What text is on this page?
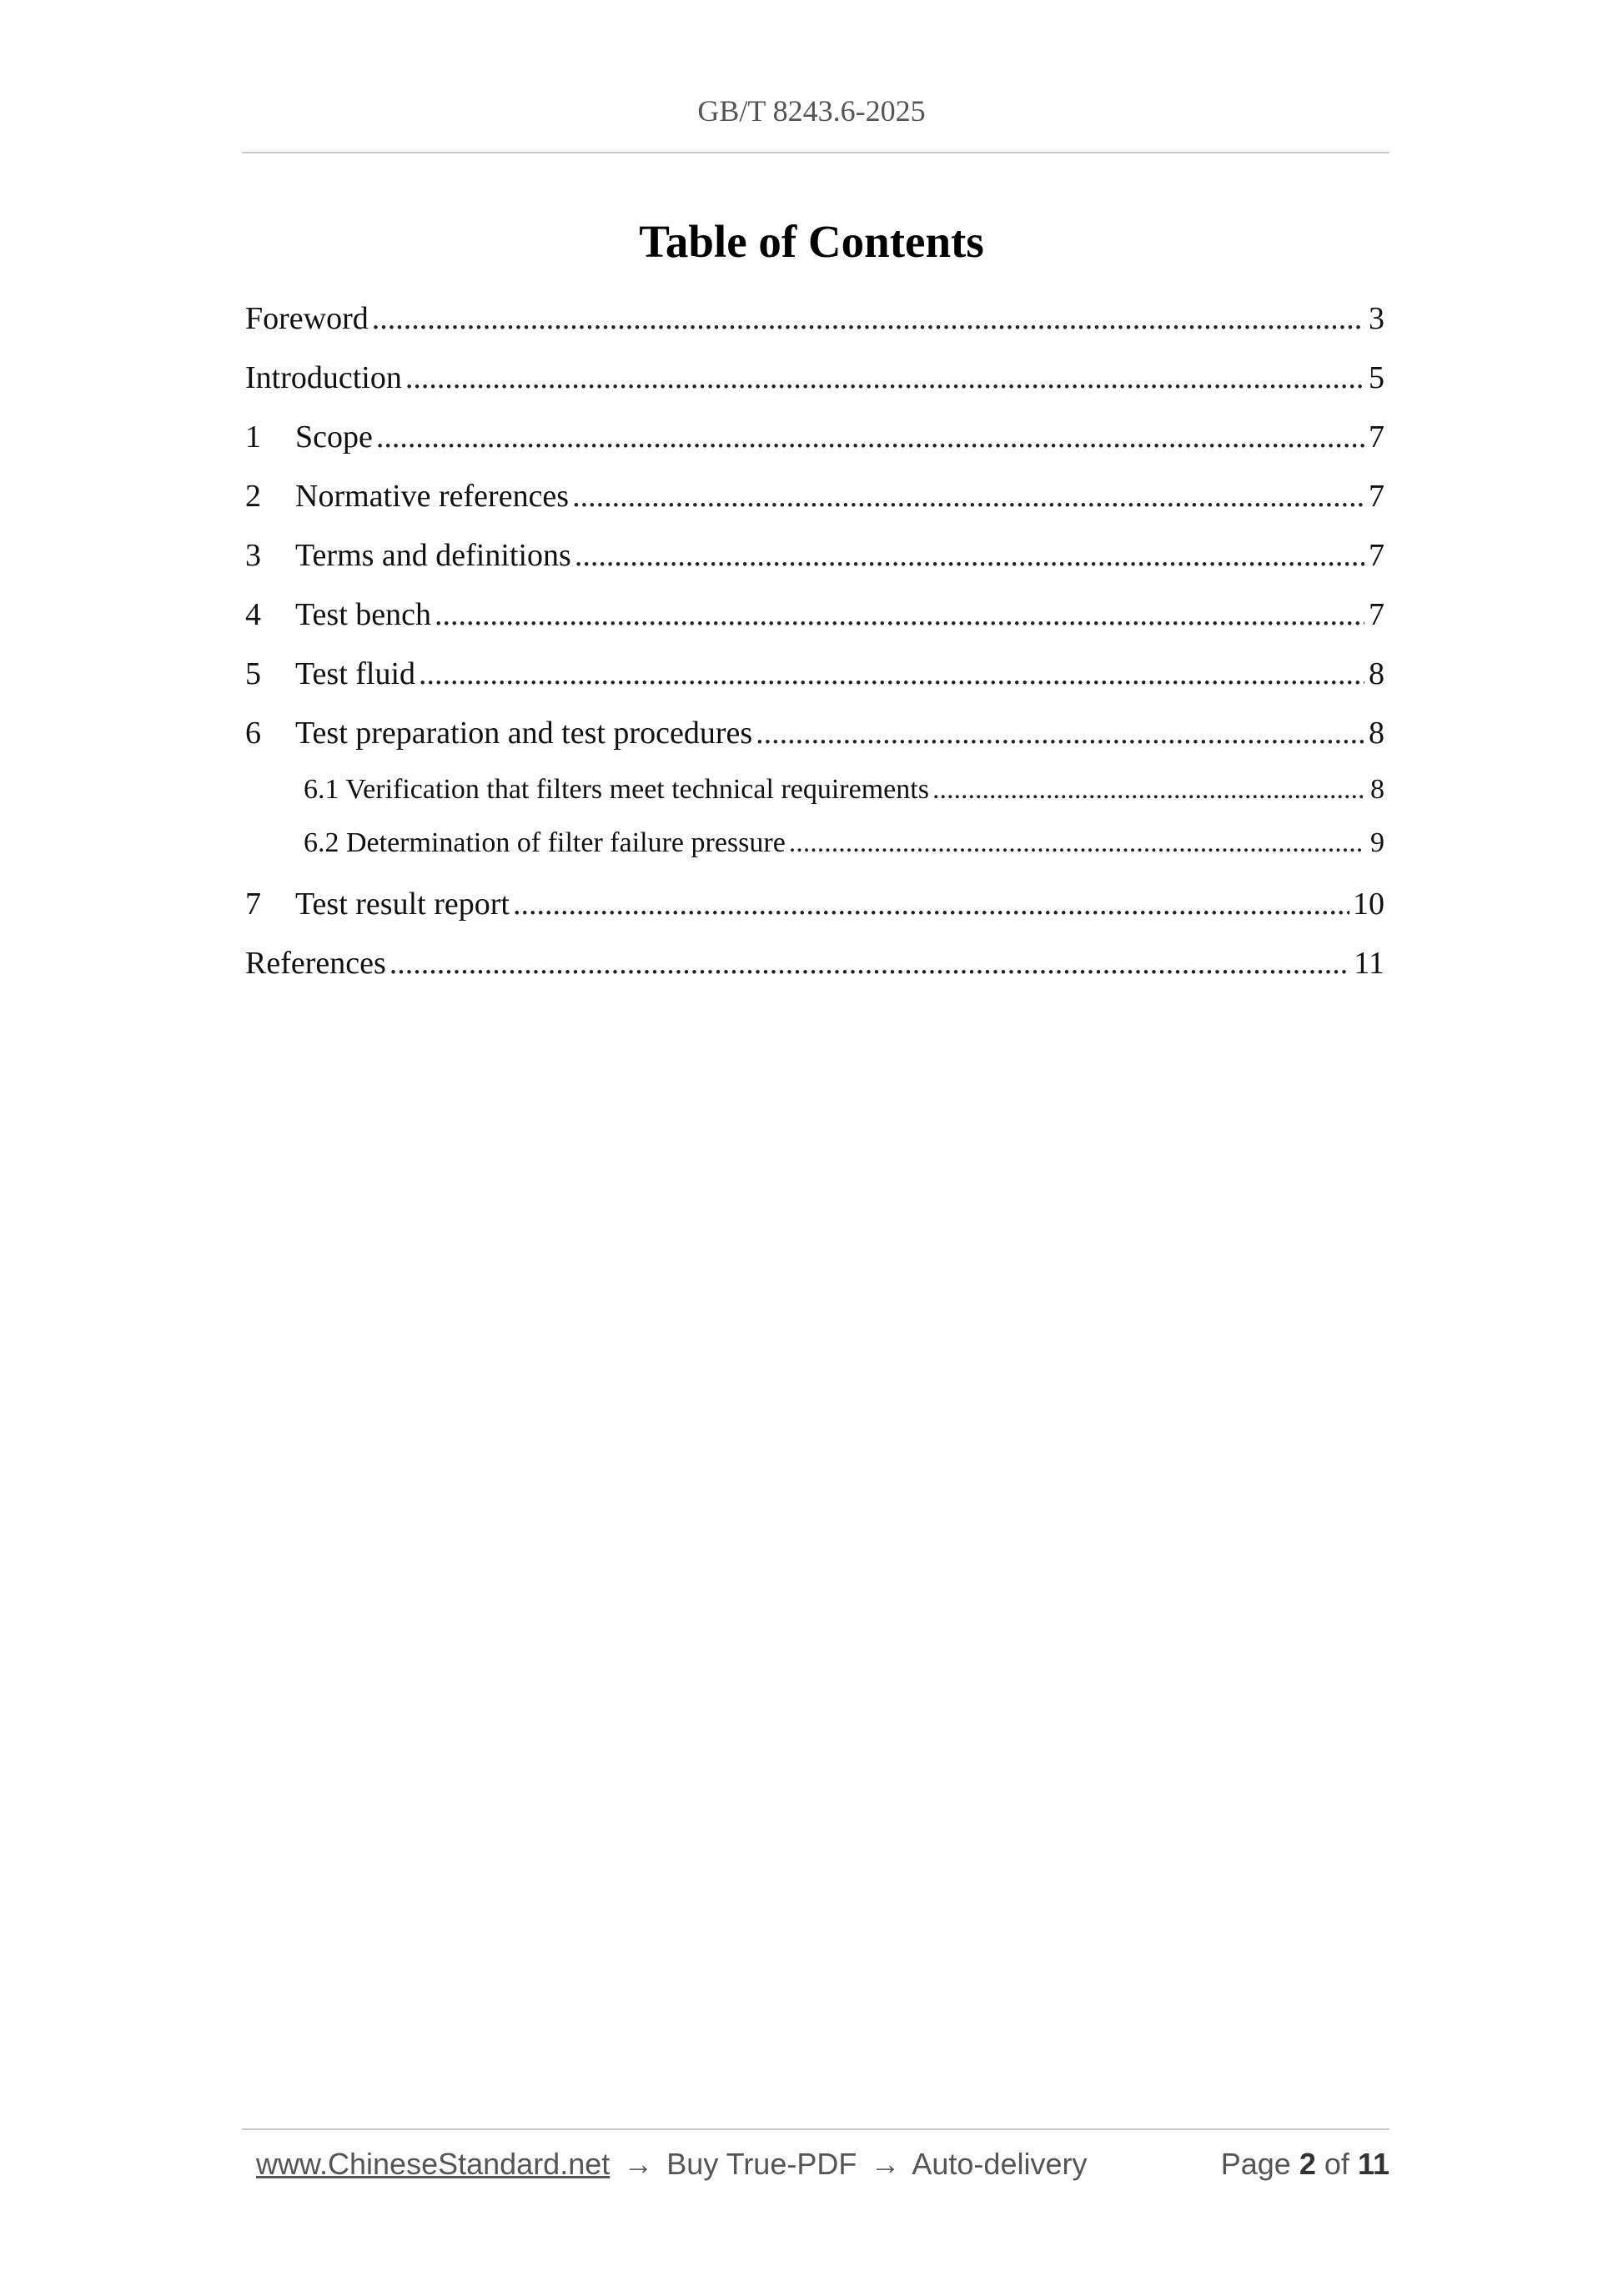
GB/T 8243.6-2025
Table of Contents
Foreword .....	3
Introduction .....	5
1	Scope .....	7
2	Normative references .....	7
3	Terms and definitions .....	7
4	Test bench .....	7
5	Test fluid .....	8
6	Test preparation and test procedures .....	8
6.1 Verification that filters meet technical requirements .....	8
6.2 Determination of filter failure pressure .....	9
7	Test result report .....	10
References .....	11
www.ChineseStandard.net → Buy True-PDF → Auto-delivery	Page 2 of 11
